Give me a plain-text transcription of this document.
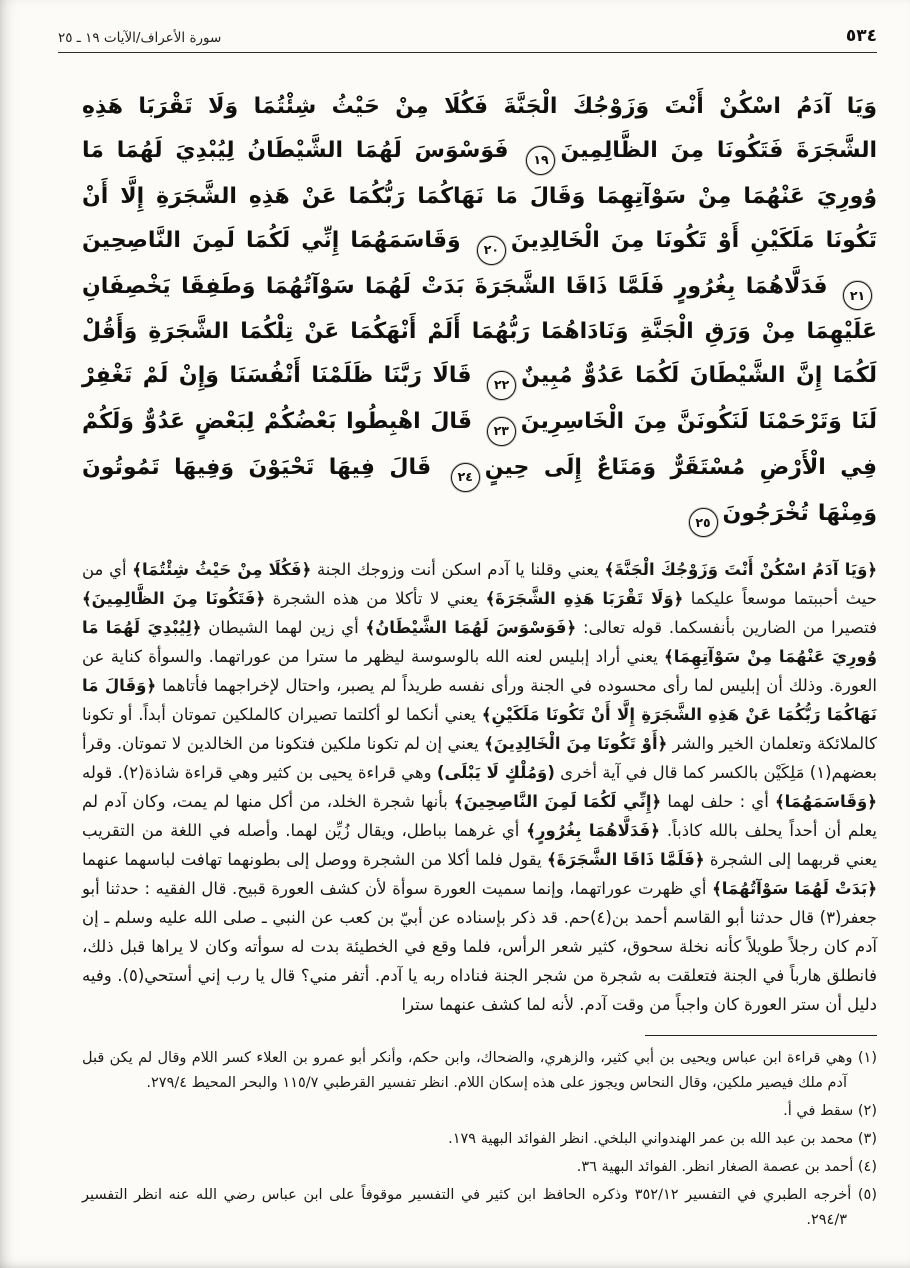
سورة الأعراف/الآيات ١٩ ـ ٢٥	٥٣٤
وَيَا آدَمُ اسْكُنْ أَنْتَ وَزَوْجُكَ الْجَنَّةَ فَكُلَا مِنْ حَيْثُ شِئْتُمَا وَلَا تَقْرَبَا هَذِهِ الشَّجَرَةَ فَتَكُونَا مِنَ الظَّالِمِينَ١٩ فَوَسْوَسَ لَهُمَا الشَّيْطَانُ لِيُبْدِيَ لَهُمَا مَا وُورِيَ عَنْهُمَا مِنْ سَوْآتِهِمَا وَقَالَ مَا نَهَاكُمَا رَبُّكُمَا عَنْ هَذِهِ الشَّجَرَةِ إِلَّا أَنْ تَكُونَا مَلَكَيْنِ أَوْ تَكُونَا مِنَ الْخَالِدِينَ٢٠ وَقَاسَمَهُمَا إِنِّي لَكُمَا لَمِنَ النَّاصِحِينَ٢١ فَدَلَّاهُمَا بِغُرُورٍ فَلَمَّا ذَاقَا الشَّجَرَةَ بَدَتْ لَهُمَا سَوْآتُهُمَا وَطَفِقَا يَخْصِفَانِ عَلَيْهِمَا مِنْ وَرَقِ الْجَنَّةِ وَنَادَاهُمَا رَبُّهُمَا أَلَمْ أَنْهَكُمَا عَنْ تِلْكُمَا الشَّجَرَةِ وَأَقُلْ لَكُمَا إِنَّ الشَّيْطَانَ لَكُمَا عَدُوٌّ مُبِينٌ٢٢ قَالَا رَبَّنَا ظَلَمْنَا أَنْفُسَنَا وَإِنْ لَمْ تَغْفِرْ لَنَا وَتَرْحَمْنَا لَنَكُونَنَّ مِنَ الْخَاسِرِينَ٢٣ قَالَ اهْبِطُوا بَعْضُكُمْ لِبَعْضٍ عَدُوٌّ وَلَكُمْ فِي الْأَرْضِ مُسْتَقَرٌّ وَمَتَاعٌ إِلَى حِينٍ٢٤ قَالَ فِيهَا تَحْيَوْنَ وَفِيهَا تَمُوتُونَ وَمِنْهَا تُخْرَجُونَ٢٥
﴿وَيَا آدَمُ اسْكُنْ أَنْتَ وَزَوْجُكَ الْجَنَّةَ﴾ يعني وقلنا يا آدم اسكن أنت وزوجك الجنة ﴿فَكُلَا مِنْ حَيْثُ شِئْتُمَا﴾ أي من حيث أحببتما موسعاً عليكما ﴿وَلَا تَقْرَبَا هَذِهِ الشَّجَرَةَ﴾ يعني لا تأكلا من هذه الشجرة ﴿فَتَكُونَا مِنَ الظَّالِمِينَ﴾ فتصيرا من الضارين بأنفسكما. قوله تعالى: ﴿فَوَسْوَسَ لَهُمَا الشَّيْطَانُ﴾ أي زين لهما الشيطان ﴿لِيُبْدِيَ لَهُمَا مَا وُورِيَ عَنْهُمَا مِنْ سَوْآتِهِمَا﴾ يعني أراد إبليس لعنه الله بالوسوسة ليظهر ما سترا من عوراتهما. والسوأة كناية عن العورة. وذلك أن إبليس لما رأى محسوده في الجنة ورأى نفسه طريداً لم يصبر، واحتال لإخراجهما فأتاهما ﴿وَقَالَ مَا نَهَاكُمَا رَبُّكُمَا عَنْ هَذِهِ الشَّجَرَةِ إِلَّا أَنْ تَكُونَا مَلَكَيْنِ﴾ يعني أنكما لو أكلتما تصيران كالملكين تموتان أبداً. أو تكونا كالملائكة وتعلمان الخير والشر ﴿أَوْ تَكُونَا مِنَ الْخَالِدِينَ﴾ يعني إن لم تكونا ملكين فتكونا من الخالدين لا تموتان. وقرأ بعضهم(١) مَلِكَيْن بالكسر كما قال في آية أخرى (وَمُلْكٍ لَا يَبْلَى) وهي قراءة يحيى بن كثير وهي قراءة شاذة(٢). قوله ﴿وَقَاسَمَهُمَا﴾ أي : حلف لهما ﴿إِنِّي لَكُمَا لَمِنَ النَّاصِحِينَ﴾ بأنها شجرة الخلد، من أكل منها لم يمت، وكان آدم لم يعلم أن أحداً يحلف بالله كاذباً. ﴿فَدَلَّاهُمَا بِغُرُورٍ﴾ أي غرهما بباطل، ويقال زُيِّن لهما. وأصله في اللغة من التقريب يعني قربهما إلى الشجرة ﴿فَلَمَّا ذَاقَا الشَّجَرَةَ﴾ يقول فلما أكلا من الشجرة ووصل إلى بطونهما تهافت لباسهما عنهما ﴿بَدَتْ لَهُمَا سَوْآتُهُمَا﴾ أي ظهرت عوراتهما، وإنما سميت العورة سوأة لأن كشف العورة قبيح. قال الفقيه : حدثنا أبو جعفر(٣) قال حدثنا أبو القاسم أحمد بن(٤)حم. قد ذكر بإسناده عن أبيّ بن كعب عن النبي ـ صلى الله عليه وسلم ـ إن آدم كان رجلاً طويلاً كأنه نخلة سحوق، كثير شعر الرأس، فلما وقع في الخطيئة بدت له سوأته وكان لا يراها قبل ذلك، فانطلق هارباً في الجنة فتعلقت به شجرة من شجر الجنة فناداه ربه يا آدم. أتفر مني؟ قال يا رب إني أستحي(٥). وفيه دليل أن ستر العورة كان واجباً من وقت آدم. لأنه لما كشف عنهما سترا
(١) وهي قراءة ابن عباس ويحيى بن أبي كثير، والزهري، والضحاك، وابن حكم، وأنكر أبو عمرو بن العلاء كسر اللام وقال لم يكن قبل آدم ملك فيصير ملكين، وقال النحاس ويجوز على هذه إسكان اللام. انظر تفسير القرطبي ١١٥/٧ والبحر المحيط ٢٧٩/٤.
(٢) سقط في أ.
(٣) محمد بن عبد الله بن عمر الهندواني البلخي. انظر الفوائد البهية ١٧٩.
(٤) أحمد بن عصمة الصغار انظر. الفوائد البهية ٣٦.
(٥) أخرجه الطبري في التفسير ٣٥٢/١٢ وذكره الحافظ ابن كثير في التفسير موقوفاً على ابن عباس رضي الله عنه انظر التفسير ٢٩٤/٣.
